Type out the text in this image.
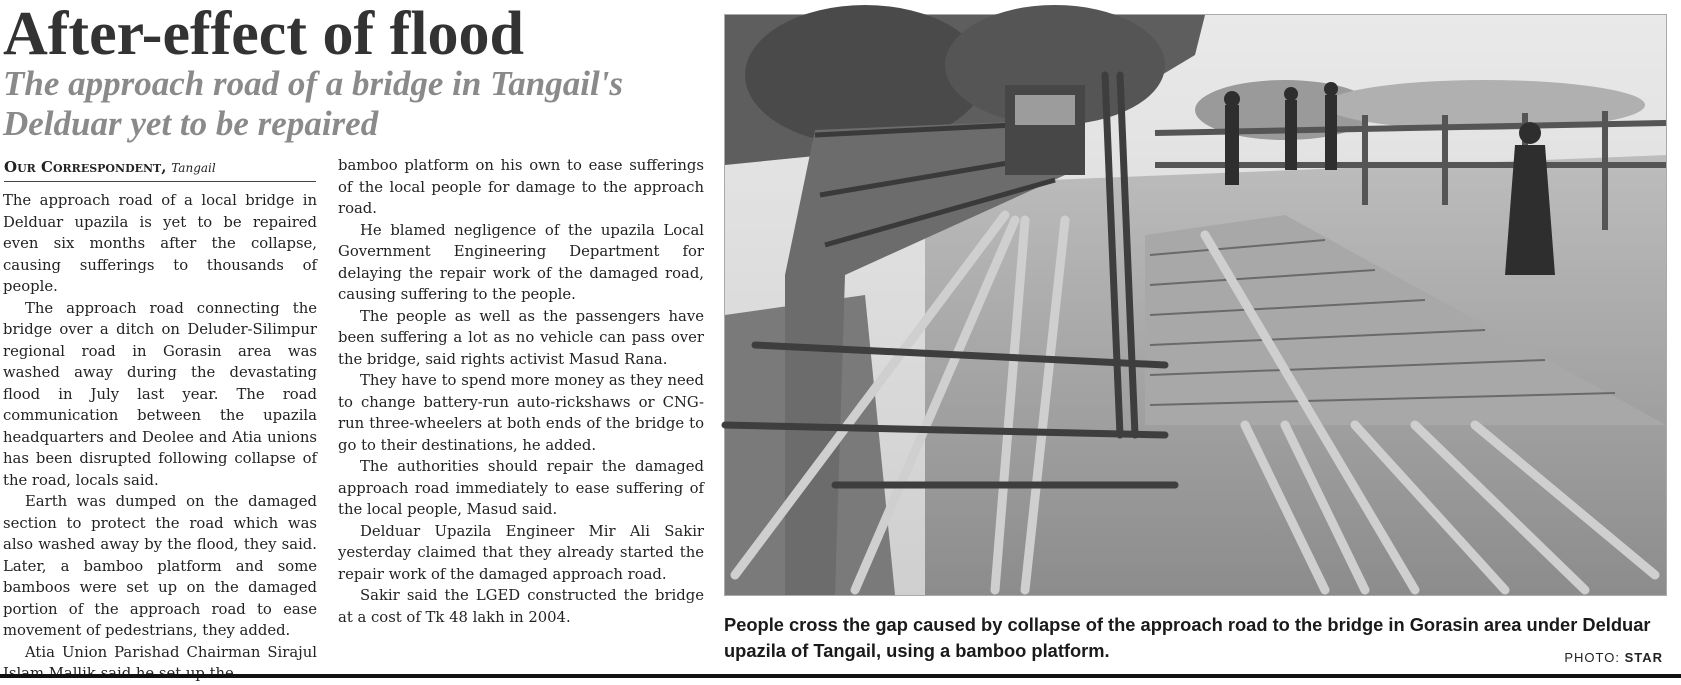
After-effect of flood
The approach road of a bridge in Tangail's Delduar yet to be repaired
Our Correspondent, Tangail

The approach road of a local bridge in Delduar upazila is yet to be repaired even six months after the collapse, causing sufferings to thousands of people.

The approach road connecting the bridge over a ditch on Deluder-Silimpur regional road in Gorasin area was washed away during the devastating flood in July last year. The road communication between the upazila headquarters and Deolee and Atia unions has been disrupted following collapse of the road, locals said.

Earth was dumped on the damaged section to protect the road which was also washed away by the flood, they said. Later, a bamboo platform and some bamboos were set up on the damaged portion of the approach road to ease movement of pedestrians, they added.

Atia Union Parishad Chairman Sirajul

bamboo platform on his own to ease sufferings of the local people for damage to the approach road.

He blamed negligence of the upazila Local Government Engineering Department for delaying the repair work of the damaged road, causing suffering to the people.

The people as well as the passengers have been suffering a lot as no vehicle can pass over the bridge, said rights activist Masud Rana.

They have to spend more money as they need to change battery-run auto-rickshaws or CNG-run three-wheelers at both ends of the bridge to go to their destinations, he added.

The authorities should repair the damaged approach road immediately to ease suffering of the local people, Masud said.

Delduar Upazila Engineer Mir Ali Sakir yesterday claimed that they already started the repair work of the damaged approach road.

Sakir said the LGED constructed the bridge at a cost of Tk 48 lakh in 2004.	People cross the gap caused by collapse of the approach road to the bridge in Gorasin area under Delduar upazila of Tangail, using a bamboo platform.	PHOTO: STAR
